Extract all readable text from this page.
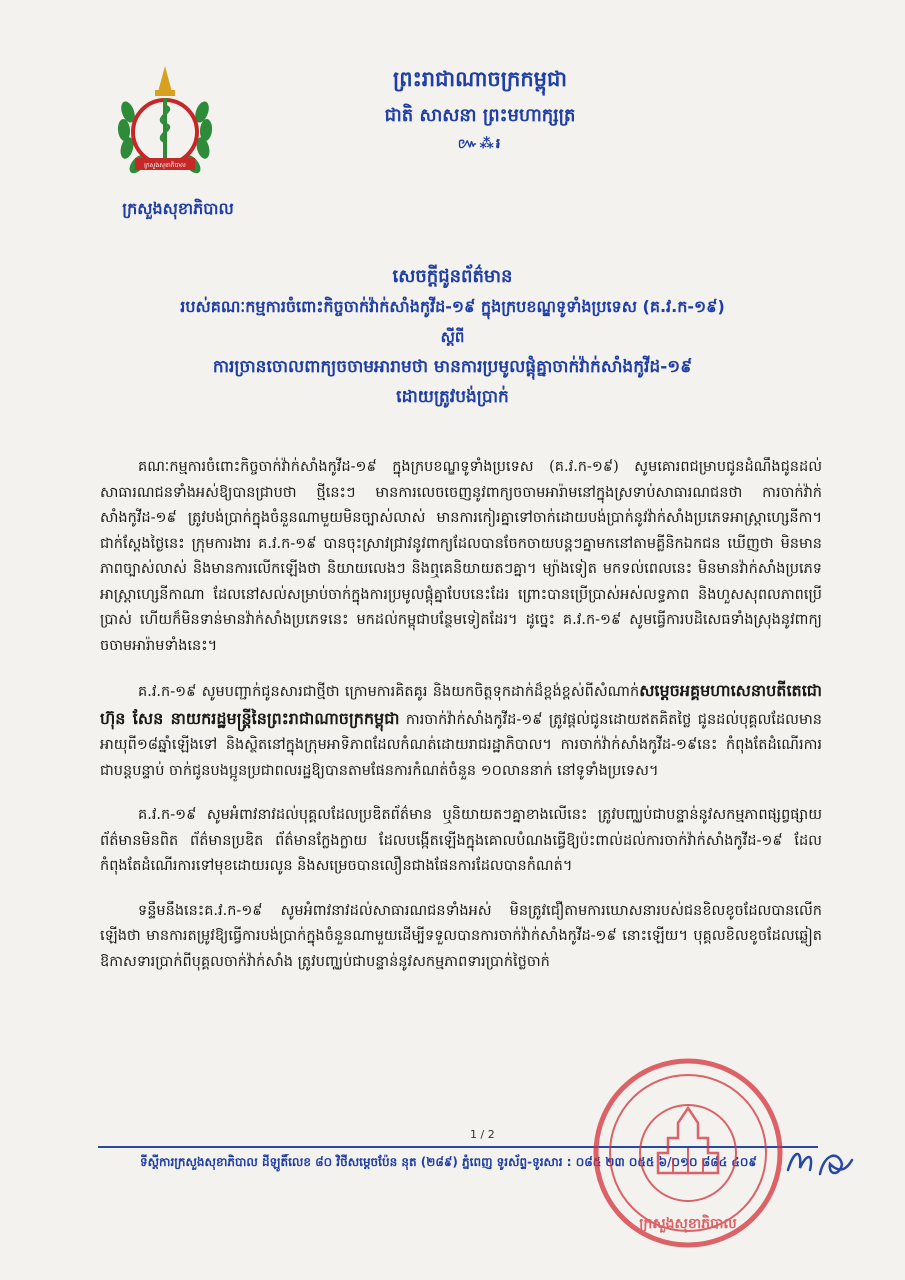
ក្រសួងសុខាភិបាល
ក្រសួងសុខាភិបាល
ព្រះរាជាណាចក្រកម្ពុជា
ជាតិ សាសនា ព្រះមហាក្សត្រ
៚⁂៛
សេចក្ដីជូនព័ត៌មាន
របស់គណៈកម្មការចំពោះកិច្ចចាក់វ៉ាក់សាំងកូវីដ-១៩ ក្នុងក្របខណ្ឌទូទាំងប្រទេស (គ.វ.ក-១៩)
ស្ដីពី
ការច្រានចោលពាក្យចចាមអារាមថា មានការប្រមូលផ្ដុំគ្នាចាក់វ៉ាក់សាំងកូវីដ-១៩
ដោយត្រូវបង់ប្រាក់

គណៈកម្មការចំពោះកិច្ចចាក់វ៉ាក់សាំងកូវីដ-១៩ ក្នុងក្របខណ្ឌទូទាំងប្រទេស (គ.វ.ក-១៩) សូមគោរពជម្រាបជូនដំណឹងជូនដល់សាធារណជនទាំងអស់ឱ្យបានជ្រាបថា ថ្មីនេះៗ មានការលេចចេញនូវពាក្យចចាមអារ៉ាមនៅក្នុងស្រទាប់សាធារណជនថា ការចាក់វ៉ាក់សាំងកូវីដ-១៩ ត្រូវបង់ប្រាក់ក្នុងចំនួនណាមួយមិនច្បាស់លាស់ មានការកៀរគ្នាទៅចាក់ដោយបង់ប្រាក់នូវវ៉ាក់សាំងប្រភេទអាស្ត្រាហ្សេនីកា។ ជាក់ស្ដែងថ្ងៃនេះ ក្រុមការងារ គ.វ.ក-១៩ បានចុះស្រាវជ្រាវនូវពាក្យដែលបានចែកចាយបន្តៗគ្នាមកនៅតាមគ្លីនិកឯកជន ឃើញថា មិនមានភាពច្បាស់លាស់ និងមានការលើកឡើងថា និយាយលេងៗ និងឮគេនិយាយតៗគ្នា។ ម្យ៉ាងទៀត មកទល់ពេលនេះ មិនមានវ៉ាក់សាំងប្រភេទអាស្ត្រាហ្សេនីកាណា ដែលនៅសល់សម្រាប់ចាក់ក្នុងការប្រមូលផ្ដុំគ្នាបែបនេះដែរ ព្រោះបានប្រើប្រាស់អស់លទ្ធភាព និងហួសសុពលភាពប្រើប្រាស់ ហើយក៏មិនទាន់មានវ៉ាក់សាំងប្រភេទនេះ មកដល់កម្ពុជាបន្ថែមទៀតដែរ។ ដូច្នេះ គ.វ.ក-១៩ សូមធ្វើការបដិសេធទាំងស្រុងនូវពាក្យចចាមអារ៉ាមទាំងនេះ។

គ.វ.ក-១៩ សូមបញ្ជាក់ជូនសារជាថ្មីថា ក្រោមការគិតគូរ និងយកចិត្តទុកដាក់ដ៏ខ្ពង់ខ្ពស់ពីសំណាក់សម្ដេចអគ្គមហាសេនាបតីតេជោ ហ៊ុន សែន នាយករដ្ឋមន្ត្រីនៃព្រះរាជាណាចក្រកម្ពុជា ការចាក់វ៉ាក់សាំងកូវីដ-១៩ ត្រូវផ្ដល់ជូនដោយឥតគិតថ្លៃ ជូនដល់បុគ្គលដែលមានអាយុពី១៨ឆ្នាំឡើងទៅ និងស្ថិតនៅក្នុងក្រុមអាទិភាពដែលកំណត់ដោយរាជរដ្ឋាភិបាល។ ការចាក់វ៉ាក់សាំងកូវីដ-១៩នេះ កំពុងតែដំណើរការជាបន្តបន្ទាប់ ចាក់ជូនបងប្អូនប្រជាពលរដ្ឋឱ្យបានតាមផែនការកំណត់ចំនួន ១០លាននាក់ នៅទូទាំងប្រទេស។

គ.វ.ក-១៩ សូមអំពាវនាវដល់បុគ្គលដែលប្រឌិតព័ត៌មាន ឬនិយាយតៗគ្នាខាងលើនេះ ត្រូវបញ្ឈប់ជាបន្ទាន់នូវសកម្មភាពផ្សព្វផ្សាយព័ត៌មានមិនពិត ព័ត៌មានប្រឌិត ព័ត៌មានក្លែងក្លាយ ដែលបង្កើតឡើងក្នុងគោលបំណងធ្វើឱ្យប៉ះពាល់ដល់ការចាក់វ៉ាក់សាំងកូវីដ-១៩ ដែលកំពុងតែដំណើរការទៅមុខដោយរលូន និងសម្រេចបានលឿនជាងផែនការដែលបានកំណត់។

ទន្ទឹមនឹងនេះគ.វ.ក-១៩ សូមអំពាវនាវដល់សាធារណជនទាំងអស់ មិនត្រូវជឿតាមការឃោសនារបស់ជនខិលខូចដែលបានលើកឡើងថា មានការតម្រូវឱ្យធ្វើការបង់ប្រាក់ក្នុងចំនួនណាមួយដើម្បីទទួលបានការចាក់វ៉ាក់សាំងកូវីដ-១៩ នោះឡើយ។ បុគ្គលខិលខូចដែលឆ្លៀតឱកាសទារប្រាក់ពីបុគ្គលចាក់វ៉ាក់សាំង ត្រូវបញ្ឈប់ជាបន្ទាន់នូវសកម្មភាពទារប្រាក់ថ្លៃចាក់

1 / 2
ទីស្ដីការក្រសួងសុខាភិបាល ដីឡូតិ៍លេខ ៨០ វិថីសម្ដេចប៉ែន នុត (២៨៩) ភ្នំពេញ ទូរស័ព្ទ-ទូរសារ : ០៨៥ ២៣ ០៥៥ ៦/០១០ ៨៨៤ ៤០៩
ក្រសួងសុខាភិបាល
